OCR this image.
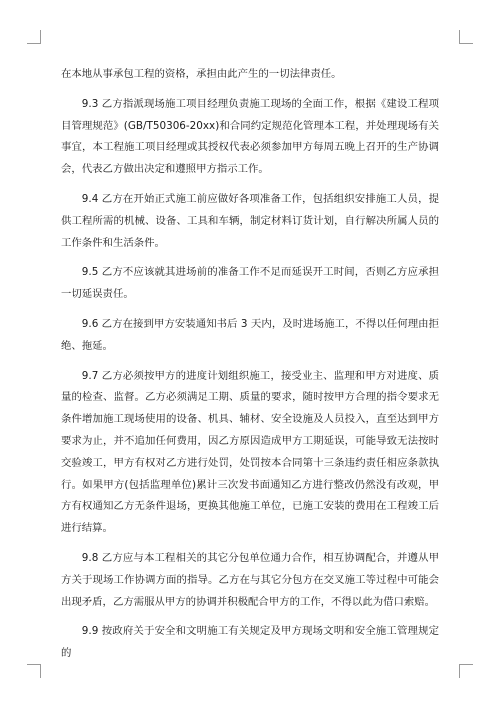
在本地从事承包工程的资格，承担由此产生的一切法律责任。

9.3 乙方指派现场施工项目经理负责施工现场的全面工作，根据《建设工程项目管理规范》(GB/T50306-20xx)和合同约定规范化管理本工程，并处理现场有关事宜，本工程施工项目经理或其授权代表必须参加甲方每周五晚上召开的生产协调会，代表乙方做出决定和遵照甲方指示工作。

9.4 乙方在开始正式施工前应做好各项准备工作，包括组织安排施工人员，提供工程所需的机械、设备、工具和车辆，制定材料订货计划，自行解决所属人员的工作条件和生活条件。

9.5 乙方不应该就其进场前的准备工作不足而延误开工时间，否则乙方应承担一切延误责任。

9.6 乙方在接到甲方安装通知书后 3 天内，及时进场施工，不得以任何理由拒绝、拖延。

9.7 乙方必须按甲方的进度计划组织施工，接受业主、监理和甲方对进度、质量的检查、监督。乙方必须满足工期、质量的要求，随时按甲方合理的指令要求无条件增加施工现场使用的设备、机具、辅材、安全设施及人员投入，直至达到甲方要求为止，并不追加任何费用，因乙方原因造成甲方工期延误，可能导致无法按时交验竣工，甲方有权对乙方进行处罚，处罚按本合同第十三条违约责任相应条款执行。如果甲方(包括监理单位)累计三次发书面通知乙方进行整改仍然没有改观，甲方有权通知乙方无条件退场，更换其他施工单位，已施工安装的费用在工程竣工后进行结算。

9.8 乙方应与本工程相关的其它分包单位通力合作，相互协调配合，并遵从甲方关于现场工作协调方面的指导。乙方在与其它分包方在交叉施工等过程中可能会出现矛盾，乙方需服从甲方的协调并积极配合甲方的工作，不得以此为借口索赔。

9.9 按政府关于安全和文明施工有关规定及甲方现场文明和安全施工管理规定的
